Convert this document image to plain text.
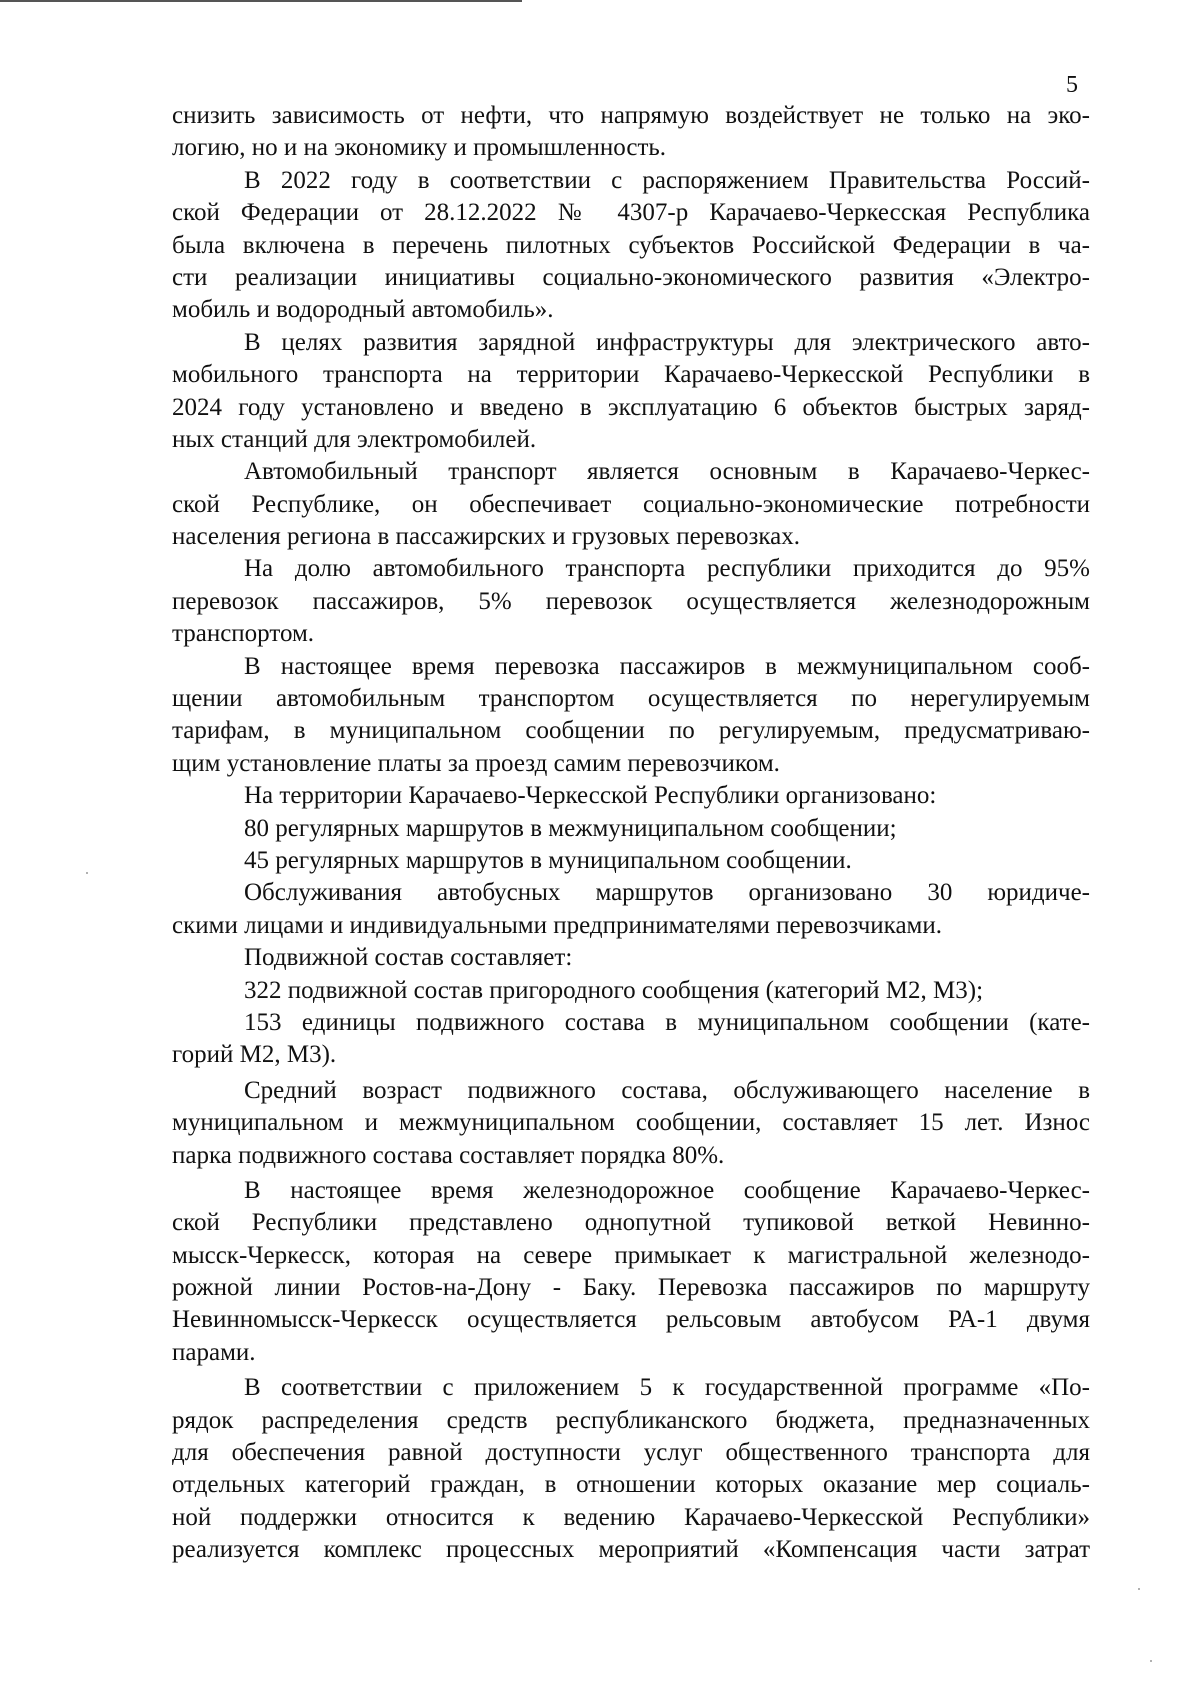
5
снизить зависимость от нефти, что напрямую воздействует не только на эко-
логию, но и на экономику и промышленность.
В 2022 году в соответствии с распоряжением Правительства Россий-
ской Федерации от 28.12.2022 № 4307-р Карачаево-Черкесская Республика
была включена в перечень пилотных субъектов Российской Федерации в ча-
сти реализации инициативы социально-экономического развития «Электро-
мобиль и водородный автомобиль».
В целях развития зарядной инфраструктуры для электрического авто-
мобильного транспорта на территории Карачаево-Черкесской Республики в
2024 году установлено и введено в эксплуатацию 6 объектов быстрых заряд-
ных станций для электромобилей.
Автомобильный транспорт является основным в Карачаево-Черкес-
ской Республике, он обеспечивает социально-экономические потребности
населения региона в пассажирских и грузовых перевозках.
На долю автомобильного транспорта республики приходится до 95%
перевозок пассажиров, 5% перевозок осуществляется железнодорожным
транспортом.
В настоящее время перевозка пассажиров в межмуниципальном сооб-
щении автомобильным транспортом осуществляется по нерегулируемым
тарифам, в муниципальном сообщении по регулируемым, предусматриваю-
щим установление платы за проезд самим перевозчиком.
На территории Карачаево-Черкесской Республики организовано:
80 регулярных маршрутов в межмуниципальном сообщении;
45 регулярных маршрутов в муниципальном сообщении.
Обслуживания автобусных маршрутов организовано 30 юридиче-
скими лицами и индивидуальными предпринимателями перевозчиками.
Подвижной состав составляет:
322 подвижной состав пригородного сообщения (категорий М2, М3);
153 единицы подвижного состава в муниципальном сообщении (кате-
горий М2, М3).
Средний возраст подвижного состава, обслуживающего население в
муниципальном и межмуниципальном сообщении, составляет 15 лет. Износ
парка подвижного состава составляет порядка 80%.
В настоящее время железнодорожное сообщение Карачаево-Черкес-
ской Республики представлено однопутной тупиковой веткой Невинно-
мысск-Черкесск, которая на севере примыкает к магистральной железнодо-
рожной линии Ростов-на-Дону - Баку. Перевозка пассажиров по маршруту
Невинномысск-Черкесск осуществляется рельсовым автобусом РА-1 двумя
парами.
В соответствии с приложением 5 к государственной программе «По-
рядок распределения средств республиканского бюджета, предназначенных
для обеспечения равной доступности услуг общественного транспорта для
отдельных категорий граждан, в отношении которых оказание мер социаль-
ной поддержки относится к ведению Карачаево-Черкесской Республики»
реализуется комплекс процессных мероприятий «Компенсация части затрат
